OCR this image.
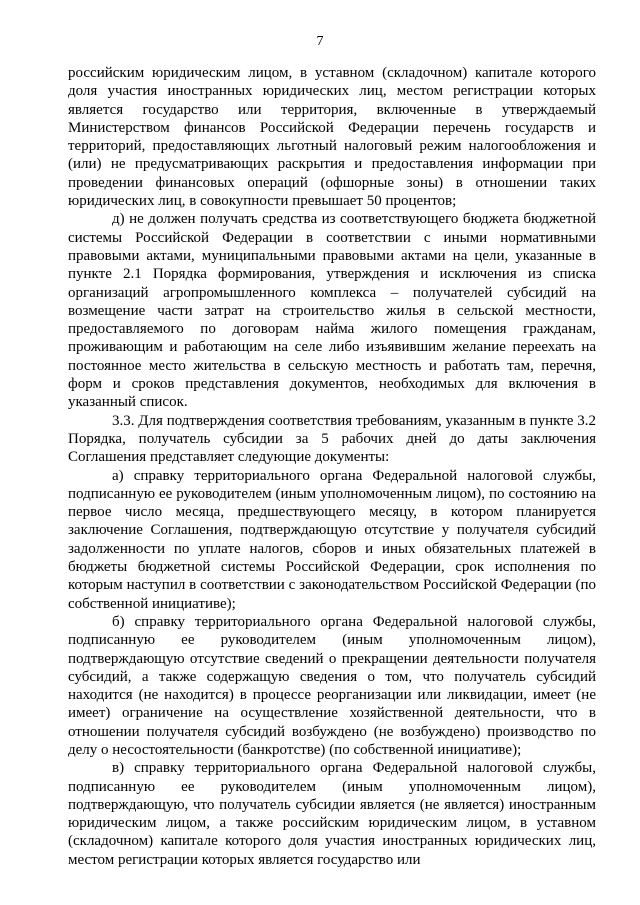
7

российским юридическим лицом, в уставном (складочном) капитале которого доля участия иностранных юридических лиц, местом регистрации которых является государство или территория, включенные в утверждаемый Министерством финансов Российской Федерации перечень государств и территорий, предоставляющих льготный налоговый режим налогообложения и (или) не предусматривающих раскрытия и предоставления информации при проведении финансовых операций (офшорные зоны) в отношении таких юридических лиц, в совокупности превышает 50 процентов;

д) не должен получать средства из соответствующего бюджета бюджетной системы Российской Федерации в соответствии с иными нормативными правовыми актами, муниципальными правовыми актами на цели, указанные в пункте 2.1 Порядка формирования, утверждения и исключения из списка организаций агропромышленного комплекса – получателей субсидий на возмещение части затрат на строительство жилья в сельской местности, предоставляемого по договорам найма жилого помещения гражданам, проживающим и работающим на селе либо изъявившим желание переехать на постоянное место жительства в сельскую местность и работать там, перечня, форм и сроков представления документов, необходимых для включения в указанный список.

3.3. Для подтверждения соответствия требованиям, указанным в пункте 3.2 Порядка, получатель субсидии за 5 рабочих дней до даты заключения Соглашения представляет следующие документы:

а) справку территориального органа Федеральной налоговой службы, подписанную ее руководителем (иным уполномоченным лицом), по состоянию на первое число месяца, предшествующего месяцу, в котором планируется заключение Соглашения, подтверждающую отсутствие у получателя субсидий задолженности по уплате налогов, сборов и иных обязательных платежей в бюджеты бюджетной системы Российской Федерации, срок исполнения по которым наступил в соответствии с законодательством Российской Федерации (по собственной инициативе);

б) справку территориального органа Федеральной налоговой службы, подписанную ее руководителем (иным уполномоченным лицом), подтверждающую отсутствие сведений о прекращении деятельности получателя субсидий, а также содержащую сведения о том, что получатель субсидий находится (не находится) в процессе реорганизации или ликвидации, имеет (не имеет) ограничение на осуществление хозяйственной деятельности, что в отношении получателя субсидий возбуждено (не возбуждено) производство по делу о несостоятельности (банкротстве) (по собственной инициативе);

в) справку территориального органа Федеральной налоговой службы, подписанную ее руководителем (иным уполномоченным лицом), подтверждающую, что получатель субсидии является (не является) иностранным юридическим лицом, а также российским юридическим лицом, в уставном (складочном) капитале которого доля участия иностранных юридических лиц, местом регистрации которых является государство или
